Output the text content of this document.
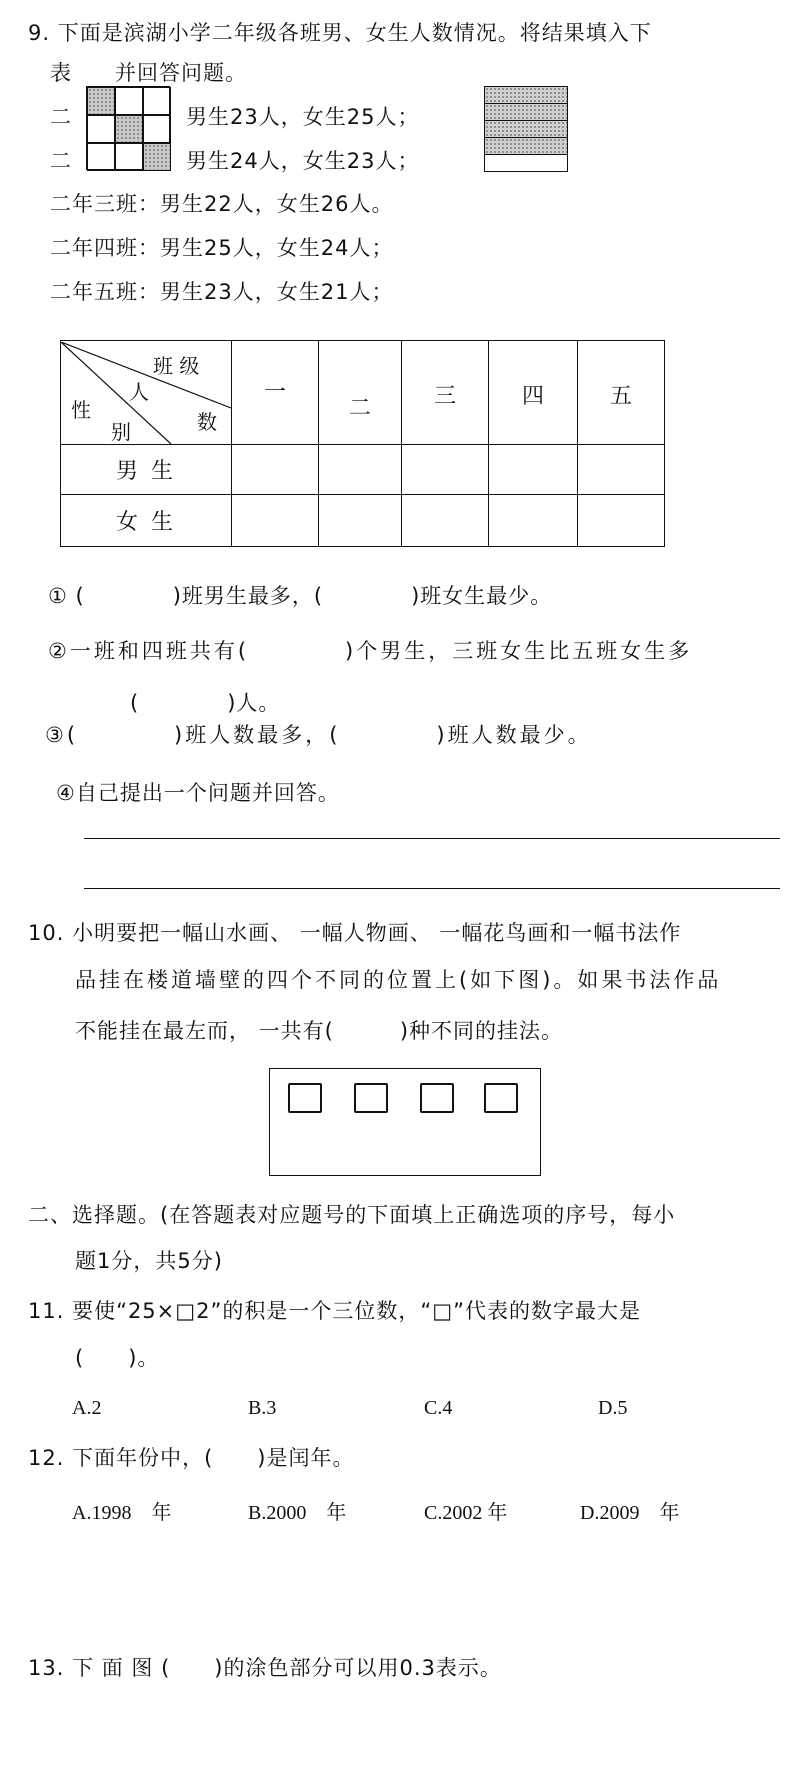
9. 下面是滨湖小学二年级各班男、女生人数情况。将结果填入下
表 并回答问题。
二	男生23人，女生25人；
二	男生24人，女生23人；
二年三班：男生22人，女生26人。
二年四班：男生25人，女生24人；
二年五班：男生23人，女生21人；
班 级
人
数
性
别	一	二	三	四	五
男 生					
女 生					
① (　　　　)班男生最多，(　　　　)班女生最少。
②一班和四班共有(　　　　)个男生，三班女生比五班女生多
(　　　　)人。
③(　　　　)班人数最多，(　　　　)班人数最少。
④自己提出一个问题并回答。
10. 小明要把一幅山水画、 一幅人物画、 一幅花鸟画和一幅书法作
品挂在楼道墙壁的四个不同的位置上(如下图)。如果书法作品
不能挂在最左而， 一共有(　　　)种不同的挂法。
二、选择题。(在答题表对应题号的下面填上正确选项的序号，每小
题1分，共5分)
11. 要使“25×□2”的积是一个三位数，“□”代表的数字最大是
(　　)。
A.2	B.3	C.4	D.5
12. 下面年份中，(　　)是闰年。
A.1998　年	B.2000　年	C.2002 年	D.2009　年
13. 下 面 图 (　　)的涂色部分可以用0.3表示。
